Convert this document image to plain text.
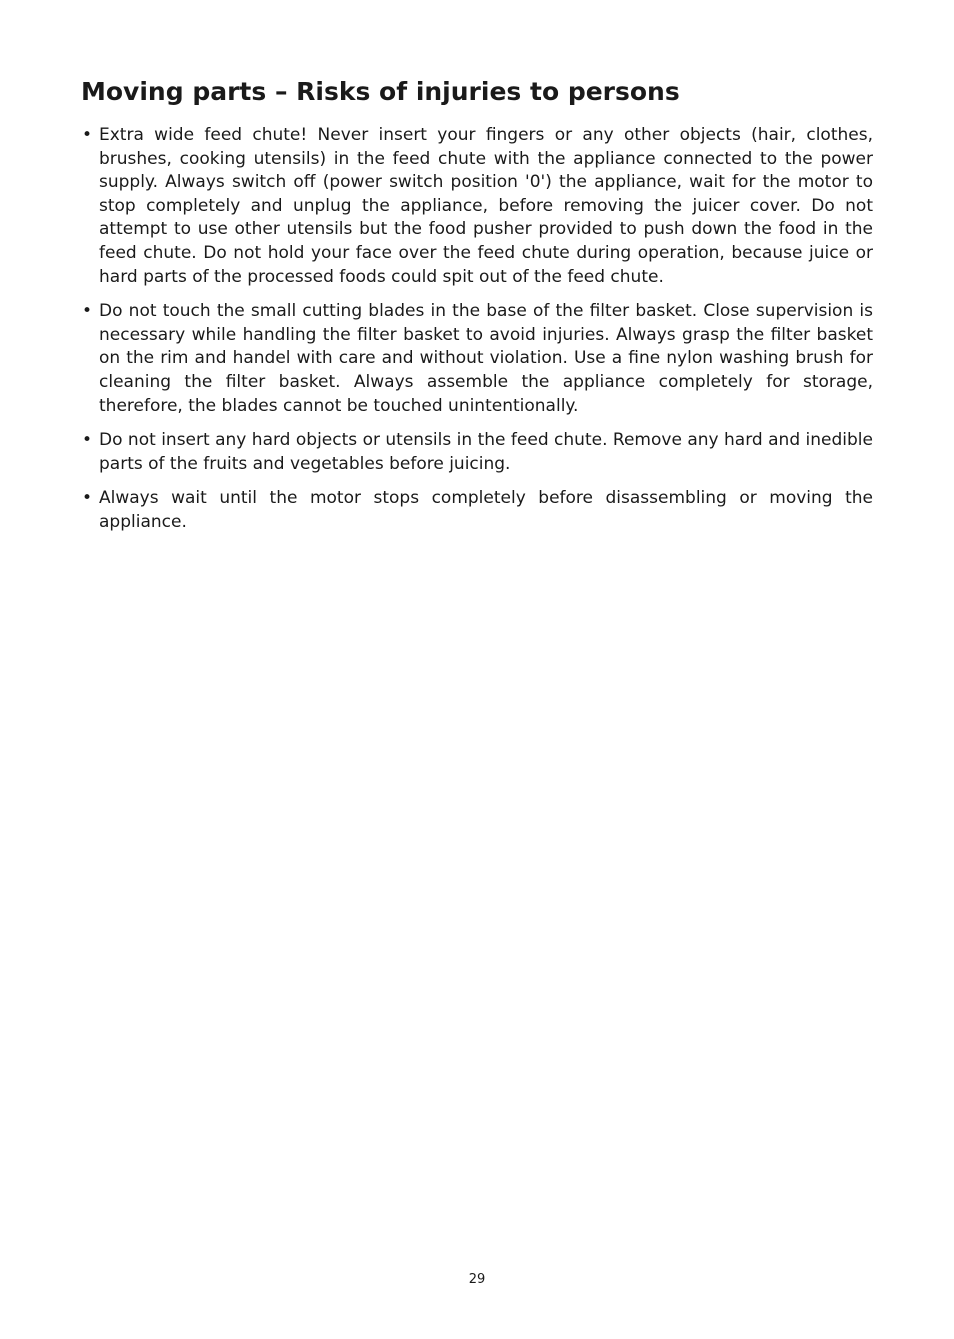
Moving parts – Risks of injuries to persons
• Extra wide feed chute! Never insert your fingers or any other objects (hair, clothes, brushes, cooking utensils) in the feed chute with the appliance connected to the power supply. Always switch off (power switch position '0') the appliance, wait for the motor to stop completely and unplug the appliance, before removing the juicer cover. Do not attempt to use other utensils but the food pusher provided to push down the food in the feed chute. Do not hold your face over the feed chute during operation, because juice or hard parts of the processed foods could spit out of the feed chute.
• Do not touch the small cutting blades in the base of the filter basket. Close supervision is necessary while handling the filter basket to avoid injuries. Always grasp the filter basket on the rim and handel with care and without violation. Use a fine nylon washing brush for cleaning the filter basket. Always assemble the appliance completely for storage, therefore, the blades cannot be touched unintentionally.
• Do not insert any hard objects or utensils in the feed chute. Remove any hard and inedible parts of the fruits and vegetables before juicing.
• Always wait until the motor stops completely before disassembling or moving the appliance.
29
